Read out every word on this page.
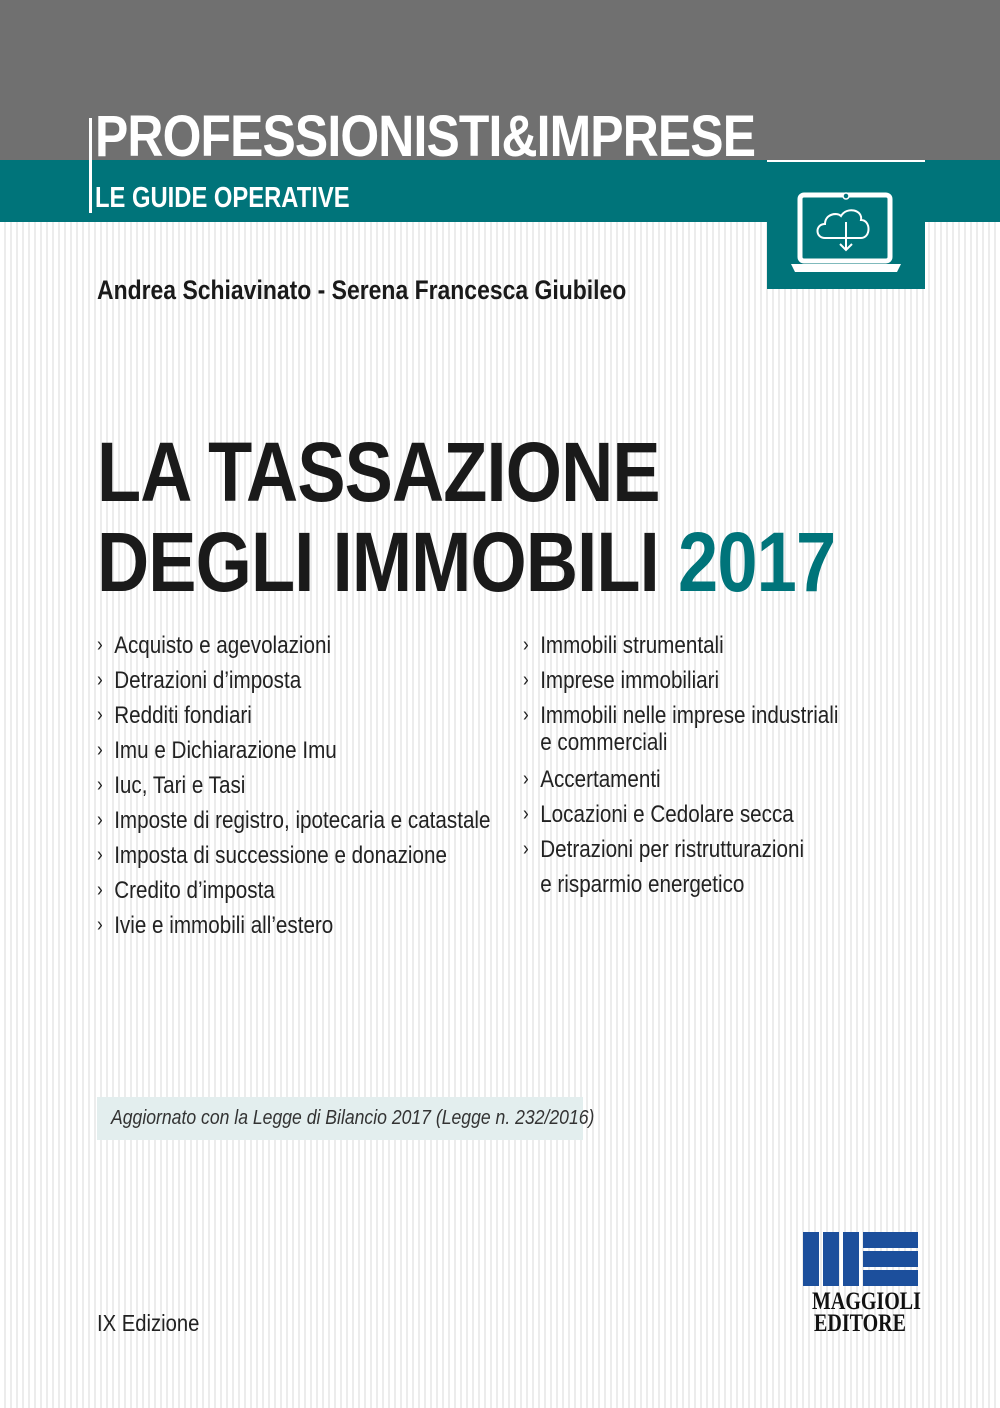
PROFESSIONISTI&IMPRESE
LE GUIDE OPERATIVE
Andrea Schiavinato - Serena Francesca Giubileo
LA TASSAZIONE
DEGLI IMMOBILI 2017
› Acquisto e agevolazioni
› Detrazioni d’imposta
› Redditi fondiari
› Imu e Dichiarazione Imu
› Iuc, Tari e Tasi
› Imposte di registro, ipotecaria e catastale
› Imposta di successione e donazione
› Credito d’imposta
› Ivie e immobili all’estero
› Immobili strumentali
› Imprese immobiliari
› Immobili nelle imprese industriali
e commerciali
› Accertamenti
› Locazioni e Cedolare secca
› Detrazioni per ristrutturazioni
e risparmio energetico
Aggiornato con la Legge di Bilancio 2017 (Legge n. 232/2016)
IX Edizione
MAGGIOLI
EDITORE
